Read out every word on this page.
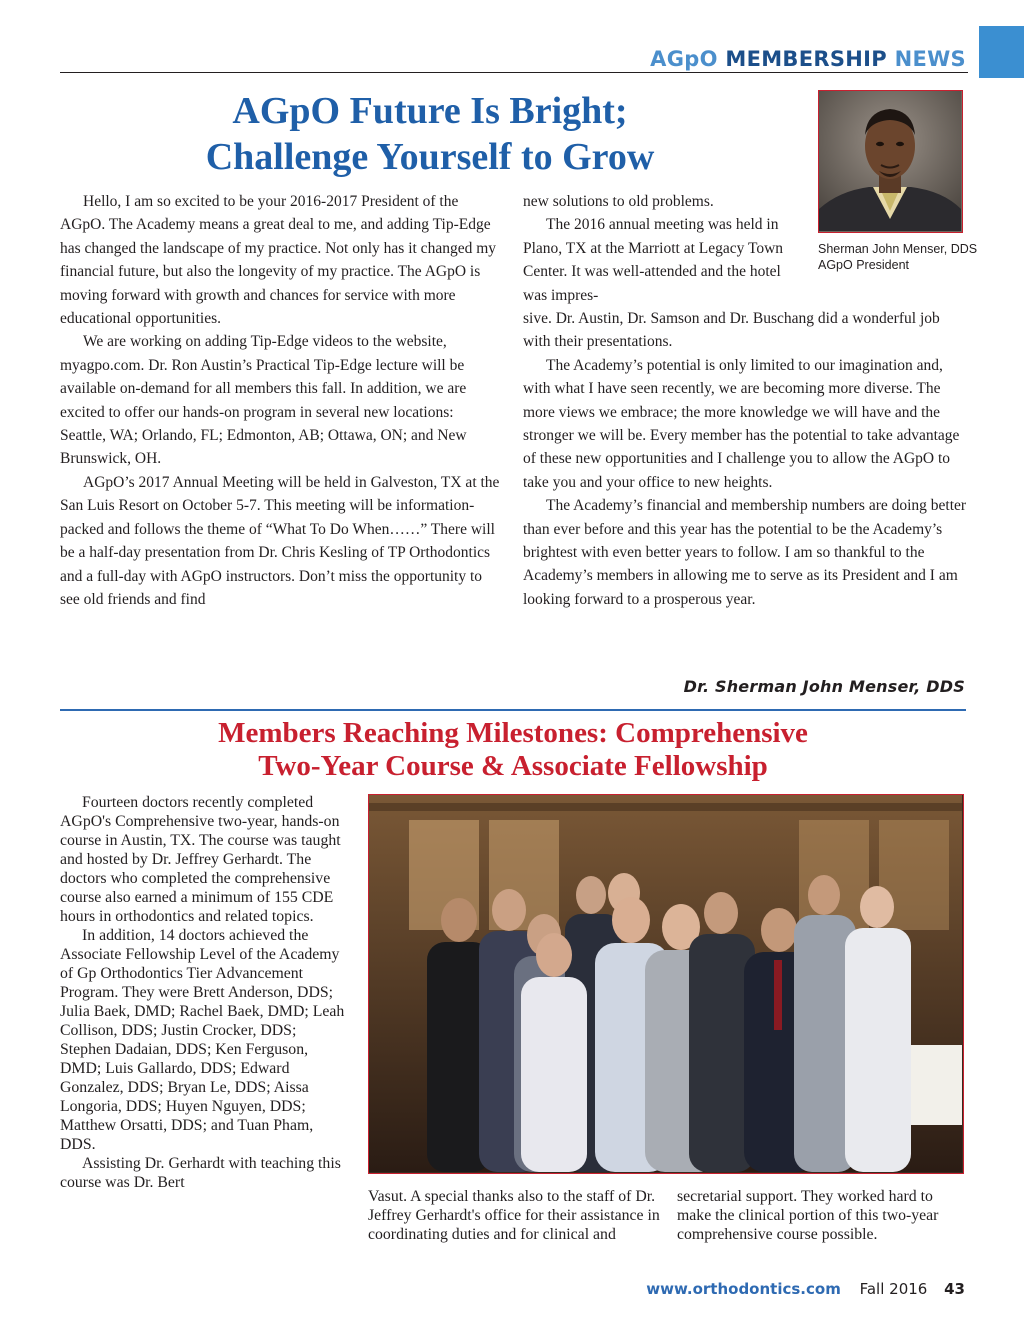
AGpO MEMBERSHIP NEWS
AGpO Future Is Bright;
Challenge Yourself to Grow
Sherman John Menser, DDS
AGpO President

Hello, I am so excited to be your 2016-2017 President of the AGpO. The Academy means a great deal to me, and adding Tip-Edge has changed the landscape of my practice. Not only has it changed my financial future, but also the longevity of my practice. The AGpO is moving forward with growth and chances for service with more educational opportunities.

We are working on adding Tip-Edge videos to the website, myagpo.com. Dr. Ron Austin’s Practical Tip-Edge lecture will be available on-demand for all members this fall. In addition, we are excited to offer our hands-on program in several new locations: Seattle, WA; Orlando, FL; Edmonton, AB; Ottawa, ON; and New Brunswick, OH.

AGpO’s 2017 Annual Meeting will be held in Galveston, TX at the San Luis Resort on October 5-7. This meeting will be information-packed and follows the theme of “What To Do When……” There will be a half-day presentation from Dr. Chris Kesling of TP Orthodontics and a full-day with AGpO instructors. Don’t miss the opportunity to see old friends and find

new solutions to old problems.

The 2016 annual meeting was held in Plano, TX at the Marriott at Legacy Town Center. It was well-attended and the hotel was impres-

sive. Dr. Austin, Dr. Samson and Dr. Buschang did a wonderful job with their presentations.

The Academy’s potential is only limited to our imagination and, with what I have seen recently, we are becoming more diverse. The more views we embrace; the more knowledge we will have and the stronger we will be. Every member has the potential to take advantage of these new opportunities and I challenge you to allow the AGpO to take you and your office to new heights.

The Academy’s financial and membership numbers are doing better than ever before and this year has the potential to be the Academy’s brightest with even better years to follow. I am so thankful to the Academy’s members in allowing me to serve as its President and I am looking forward to a prosperous year.

Dr. Sherman John Menser, DDS
Members Reaching Milestones: Comprehensive
Two-Year Course & Associate Fellowship

Fourteen doctors recently completed AGpO's Comprehensive two-year, hands-on course in Austin, TX. The course was taught and hosted by Dr. Jeffrey Gerhardt. The doctors who completed the comprehensive course also earned a minimum of 155 CDE hours in orthodontics and related topics.

In addition, 14 doctors achieved the Associate Fellowship Level of the Academy of Gp Orthodontics Tier Advancement Program. They were Brett Anderson, DDS; Julia Baek, DMD; Rachel Baek, DMD; Leah Collison, DDS; Justin Crocker, DDS; Stephen Dadaian, DDS; Ken Ferguson, DMD; Luis Gallardo, DDS; Edward Gonzalez, DDS; Bryan Le, DDS; Aissa Longoria, DDS; Huyen Nguyen, DDS; Matthew Orsatti, DDS; and Tuan Pham, DDS.

Assisting Dr. Gerhardt with teaching this course was Dr. Bert

Vasut. A special thanks also to the staff of Dr. Jeffrey Gerhardt's office for their assistance in coordinating duties and for clinical and

secretarial support. They worked hard to make the clinical portion of this two-year comprehensive course possible.

www.orthodontics.com Fall 2016 43
